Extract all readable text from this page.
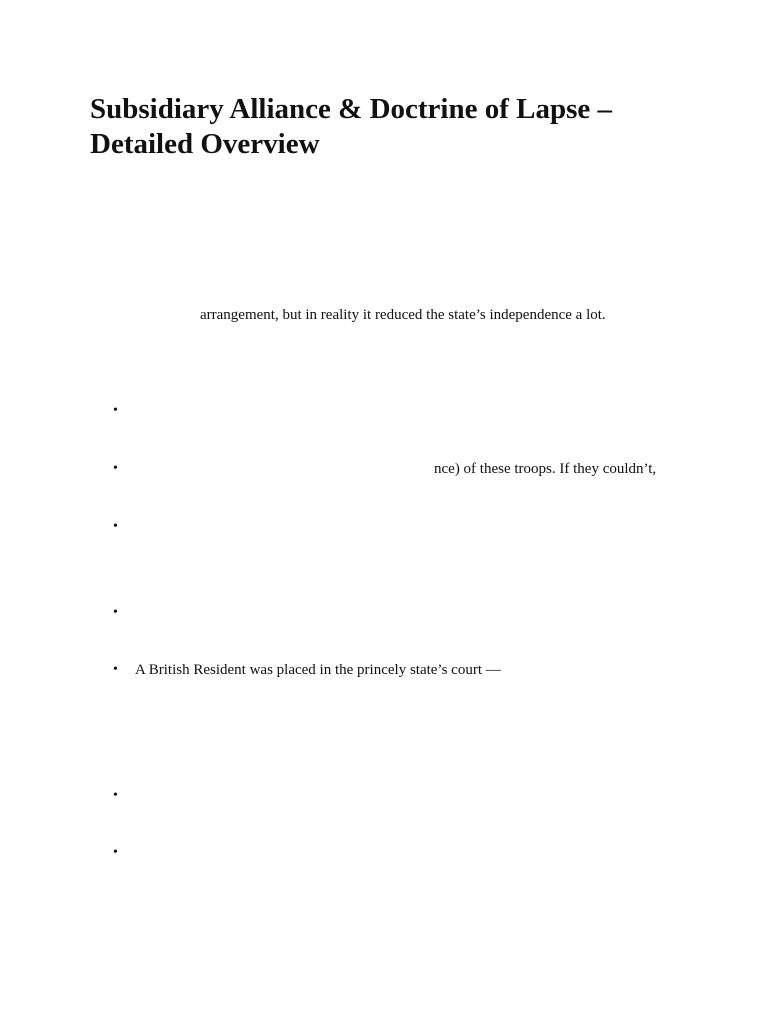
Subsidiary Alliance & Doctrine of Lapse – Detailed Overview

arrangement, but in reality it reduced the state’s independence a lot.

•
•	nce) of these troops. If they couldn’t,
•
•
• A British Resident was placed in the princely state’s court —
•
•
